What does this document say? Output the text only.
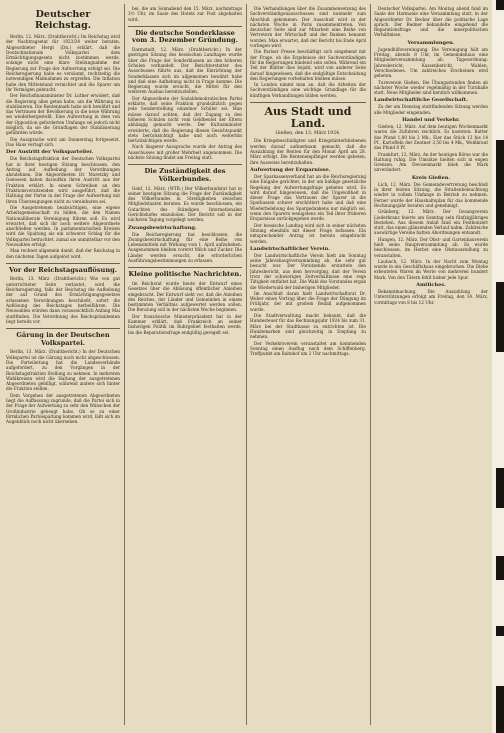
Deutscher Reichstag.

Berlin, 12. März. (Drahtbericht.) Im Reichstag wird der Nachtragsetat für 1923/24 weiter beraten. Abgeordneter Hergt (Dn.) erklärt, daß die Deutschnationale Volkspartei dem Ermächtigungsgesetz nicht zustimmen werde, solange nicht eine klare Stellungnahme der Regierung zur Frage der Aufwertung erfolgt sei. Die Reichsregierung habe es versäumt, rechtzeitig die notwendigen Maßnahmen zu ergreifen. Die Inflation habe den Mittelstand vernichtet und die Sparer um ihr Vermögen gebracht.

Der Reichsfinanzminister Dr. Luther erwidert, daß die Regierung alles getan habe, um die Währung zu stabilisieren. Die Rentenmark habe sich bewährt und das Vertrauen der Bevölkerung in die neue Währung sei wiederhergestellt. Eine Aufwertung in dem von der Opposition geforderten Umfange sei jedoch nicht möglich, da sie die Grundlagen der Stabilisierung gefährden würde.

Die Aussprache wird am Donnerstag fortgesetzt. Das Haus vertagt sich.

Der Austritt der Volksparteiler.

Die Reichstagsfraktion der Deutschen Volkspartei hat in ihrer heutigen Sitzung beschlossen, den Antrag auf Aufhebung der Verordnungen abzulehnen. Die Abgeordneten Dr. Maretzky und Genossen haben daraufhin ihren Austritt aus der Fraktion erklärt. In einem Schreiben an den Fraktionsvorsitzenden wird ausgeführt, daß die Haltung der Partei in der Frage der Aufwertung mit ihren Überzeugungen nicht zu vereinbaren sei.

Die Ausgetretenen beabsichtigen, eine eigene Arbeitsgemeinschaft zu bilden, die den Namen Nationalliberale Vereinigung führen soll. Es wird erwartet, daß sich ihr noch weitere Abgeordnete anschließen werden. In parlamentarischen Kreisen wird die Spaltung als ein schwerer Schlag für die Volkspartei betrachtet, zumal sie unmittelbar vor den Neuwahlen erfolgt.

Man rechnet allgemein damit, daß der Reichstag in den nächsten Tagen aufgelöst wird.

Vor der Reichstagsauflösung.

Berlin, 13. März. (Drahtbericht.) Wie von gut unterrichteter Seite verlautet, wird die Reichsregierung, falls der Reichstag die Aufhebung der auf Grund des Ermächtigungsgesetzes erlassenen Verordnungen beschließt, sofort die Auflösung des Reichstages herbeiführen. Die Neuwahlen würden dann voraussichtlich Anfang Mai stattfinden. Die Verordnung des Reichspräsidenten liegt bereits vor.

Gärung in der Deutschen Volkspartei.

Berlin, 13. März. (Drahtbericht.) In der Deutschen Volkspartei ist die Gärung noch nicht abgeschlossen. Die Parteileitung hat die Landesverbände aufgefordert, zu den Vorgängen in der Reichstagsfraktion Stellung zu nehmen. In mehreren Wahlkreisen wird die Haltung der ausgetretenen Abgeordneten gebilligt, während andere sich hinter die Fraktion stellen.

Dem Vorgehen der ausgetretenen Abgeordneten liegt die Auffassung zugrunde, daß die Partei sich in der Frage der Aufwertung zu sehr den Wünschen der Großindustrie gebeugt habe. Ob es zu einer förmlichen Parteispaltung kommen wird, läßt sich im Augenblick noch nicht übersehen.

bei, die am Sonnabend den 15. März, nachmittags 3½ Uhr, im Saale des Hotels zur Post abgehalten wird.

Die deutsche Sonderklasse vom 3. Dezember Gründung.

Darmstadt, 12. März. (Drahtbericht.) In der gestrigen Sitzung des hessischen Landtages wurde über die Frage der Sonderklassen an den höheren Schulen verhandelt. Der Berichterstatter des Ausschusses führte aus, daß die Einrichtung der Sonderklassen sich im allgemeinen bewährt habe und daß eine Aufhebung nicht in Frage komme. Die Regierung wurde ersucht, die Mittel für den weiteren Ausbau bereitzustellen.

Der Abgeordnete der Sozialdemokratischen Partei erklärte, daß seine Fraktion grundsätzlich gegen jede Sonderstellung einzelner Schüler sei. Man müsse darauf achten, daß der Zugang zu den höheren Schulen nicht vom Geldbeutel der Eltern abhängig gemacht werde. Der Kultusminister erwiderte, daß die Regierung diesen Gesichtspunkt stets berücksichtigt habe und auch weiterhin berücksichtigen werde.

Nach längerer Aussprache wurde der Antrag des Ausschusses mit großer Mehrheit angenommen. Die nächste Sitzung findet am Freitag statt.

Die Zuständigkeit des Völkerbundes.

Genf, 12. März. (WTB.) Der Völkerbundsrat hat in seiner heutigen Sitzung die Frage der Zuständigkeit des Völkerbundes in Streitigkeiten zwischen Mitgliedstaaten beraten. Es wurde beschlossen, ein Gutachten des Ständigen Internationalen Gerichtshofes einzuholen. Der Bericht soll in der nächsten Tagung vorgelegt werden.

Zwangsbewirtschaftung.

Die Reichsregierung hat beschlossen, die Zwangsbewirtschaftung für eine Reihe von Lebensmitteln mit Wirkung vom 1. April aufzuheben. Ausgenommen bleiben vorerst Milch und Zucker. Die Länder werden ersucht, die erforderlichen Ausführungsbestimmungen zu erlassen.

Kleine politische Nachrichten.

Im Reichsrat wurde heute der Entwurf eines Gesetzes über die Ablösung öffentlicher Anleihen eingebracht. Der Entwurf sieht vor, daß die Anleihen des Reiches, der Länder und Gemeinden in einem bestimmten Verhältnis aufgewertet werden sollen. Die Beratung soll in der nächsten Woche beginnen.

Der französische Ministerpräsident hat in der Kammer erklärt, daß Frankreich an seiner bisherigen Politik im Ruhrgebiet festhalten werde, bis die Reparationsfrage endgültig geregelt sei.

Die Verhandlungen über die Zusammensetzung des Sachverständigenausschusses sind nunmehr zum Abschluß gekommen. Der Ausschuß wird in der nächsten Woche in Paris zusammentreten. Von deutscher Seite sind zur Mitarbeit eine Reihe von Vertretern der Wirtschaft und der Banken benannt worden. Man erwartet, daß der Bericht bis Ende April vorliegen wird.

Die Pariser Presse beschäftigt sich eingehend mit der Frage, ob die Ergebnisse der Sachverständigen für die Regierungen bindend sein sollen. Während ein Teil der Blätter dies bejaht, wird von anderer Seite darauf hingewiesen, daß die endgültige Entscheidung den Regierungen vorbehalten bleiben müsse.

In London nimmt man an, daß die Arbeiten der Sachverständigen eine wichtige Grundlage für die künftigen Verhandlungen bilden werden.

Aus Stadt und Land.
Gießen, den 13. März 1924.

Die Kriegsbeschädigten und Kriegshinterbliebenen werden darauf aufmerksam gemacht, daß die Auszahlung der Renten für den Monat April am 28. März erfolgt. Die Rentenempfänger werden gebeten, ihre Ausweise bereitzuhalten.

Aufwertung der Ersparnisse.

Der Sparkassenverband hat an die Reichsregierung eine Eingabe gerichtet, in der um baldige gesetzliche Regelung der Aufwertungsfrage gebeten wird. Es wird darauf hingewiesen, daß die Ungewißheit in dieser Frage das Vertrauen der Sparer in die Sparkassen schwer erschüttert habe und daß eine Wiederbelebung des Spargedankens nur möglich sei, wenn den Sparern wenigstens ein Teil ihrer früheren Ersparnisse zurückgegeben werde.

Der hessische Landtag wird sich in seiner nächsten Sitzung ebenfalls mit dieser Frage befassen. Ein entsprechender Antrag ist bereits eingebracht worden.

Landwirtschaftlicher Verein.

Der Landwirtschaftliche Verein hielt am Sonntag seine Jahreshauptversammlung ab, die sehr gut besucht war. Der Vorsitzende erstattete den Jahresbericht, aus dem hervorging, daß der Verein trotz der schwierigen Zeitverhältnisse eine rege Tätigkeit entfaltet hat. Die Wahl des Vorstandes ergab die Wiederwahl der bisherigen Mitglieder.

Im Anschluß daran hielt Landwirtschaftsrat Dr. Weber einen Vortrag über die Frage der Düngung im Frühjahr, der mit großem Beifall aufgenommen wurde.

Die Stadtverwaltung macht bekannt, daß die Hundesteuer für das Rechnungsjahr 1924 bis zum 31. März bei der Stadtkasse zu entrichten ist. Die Hundemarken sind gleichzeitig in Empfang zu nehmen.

Der Verkehrsverein veranstaltet am kommenden Sonntag einen Ausflug nach dem Schiffenberg. Treffpunkt am Bahnhof um 2 Uhr nachmittags.

Deutscher Volkspartei. Am Montag abend fand im Saale der Harmonie eine Versammlung statt, in der Abgeordneter Dr. Becker über die politische Lage sprach. Der Redner behandelte eingehend die Reparationsfrage und die innerpolitischen Verhältnisse.

Versammlungen.

Jugendhilfsvereinigung. Die Vereinigung hält am Freitag, abends 8 Uhr, im Gemeindehaus eine Mitgliederversammlung ab. Tagesordnung: Jahresbericht, Kassenbericht, Wahlen, Verschiedenes. Um zahlreiches Erscheinen wird gebeten.

Turnverein Gießen. Die Übungsstunden finden ab nächster Woche wieder regelmäßig in der Turnhalle statt. Neue Mitglieder sind herzlich willkommen.

Landwirtschaftliche Gesellschaft.

Zu der am Dienstag stattfindenden Sitzung werden alle Mitglieder eingeladen.

Handel und Verkehr.

Gießen, 12. März. Auf dem heutigen Wochenmarkt waren die Zufuhren reichlich. Es kosteten: Butter das Pfund 1,80 bis 2 Mk., Eier das Stück 12 bis 14 Pf., Kartoffeln der Zentner 3,50 bis 4 Mk., Weißkraut das Pfund 8 Pf.

Frankfurt, 12. März. An der heutigen Börse war die Haltung ruhig. Die Umsätze hielten sich in engen Grenzen. Am Devisenmarkt blieb die Mark unverändert.

Kreis Gießen.

Lich, 12. März. Die Gemeindevertretung beschloß in ihrer letzten Sitzung, die Straßenbeleuchtung wieder in vollem Umfange in Betrieb zu nehmen. Ferner wurde der Haushaltsplan für das kommende Rechnungsjahr beraten und genehmigt.

Grünberg, 12. März. Der Gesangverein Liederkranz feierte am Sonntag sein fünfzigjähriges Bestehen. Aus diesem Anlaß fand ein Festkonzert statt, das einen glänzenden Verlauf nahm. Zahlreiche auswärtige Vereine hatten Abordnungen entsandt.

Hungen, 12. März. Der Obst- und Gartenbauverein hielt seine Hauptversammlung ab. Es wurde beschlossen, im Herbst eine Obstausstellung zu veranstalten.

Laubach, 12. März. In der Nacht zum Montag wurde in ein Geschäftshaus eingebrochen. Die Diebe erbeuteten Waren im Werte von mehreren hundert Mark. Von den Tätern fehlt bisher jede Spur.

Amtliches.

Bekanntmachung. Die Auszahlung der Unterstützungen erfolgt am Freitag, den 14. März, vormittags von 8 bis 12 Uhr.
